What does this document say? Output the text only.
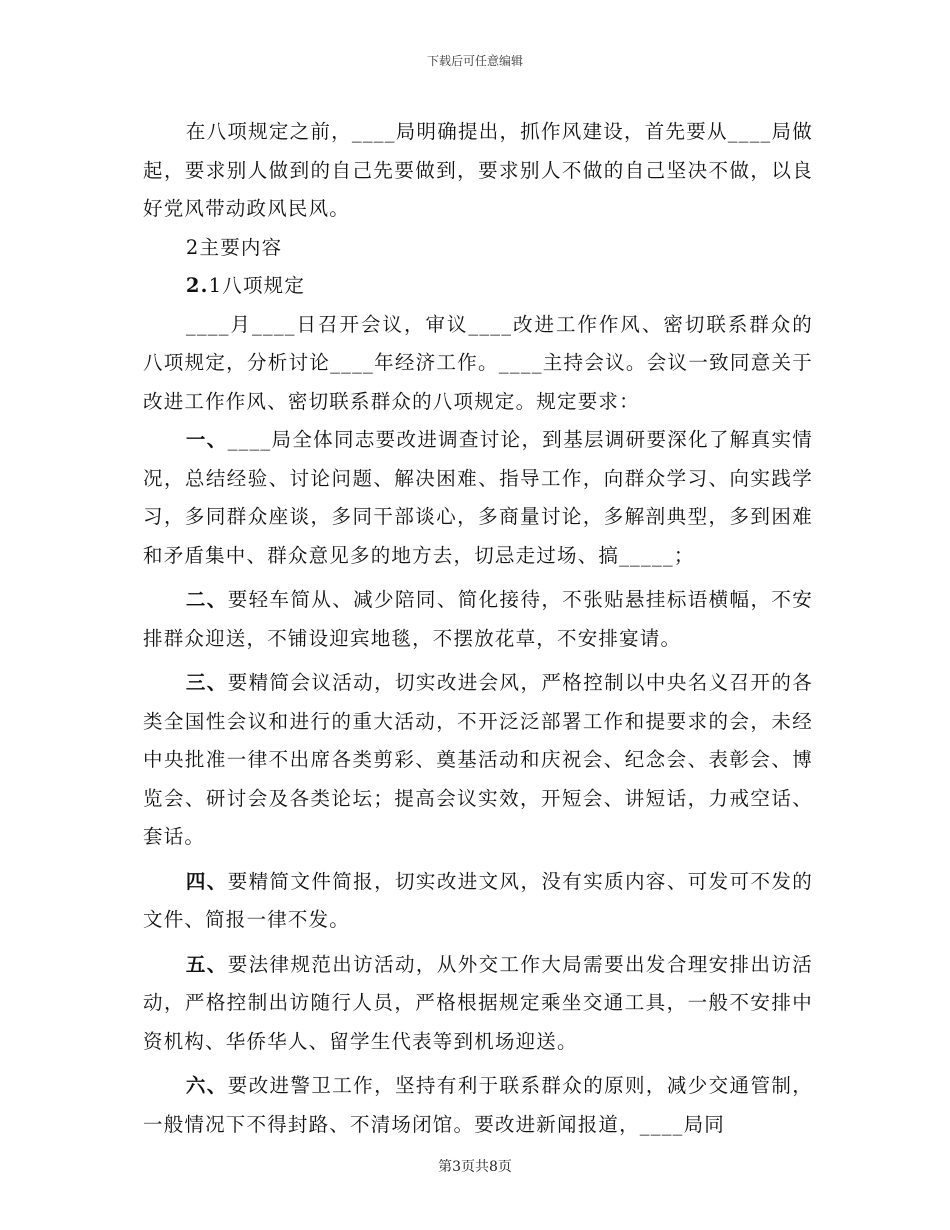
下载后可任意编辑

在八项规定之前，____局明确提出，抓作风建设，首先要从____局做起，要求别人做到的自己先要做到，要求别人不做的自己坚决不做，以良好党风带动政风民风。

2主要内容

2.1八项规定

____月____日召开会议，审议____改进工作作风、密切联系群众的八项规定，分析讨论____年经济工作。____主持会议。会议一致同意关于改进工作作风、密切联系群众的八项规定。规定要求：

一、____局全体同志要改进调查讨论，到基层调研要深化了解真实情况，总结经验、讨论问题、解决困难、指导工作，向群众学习、向实践学习，多同群众座谈，多同干部谈心，多商量讨论，多解剖典型，多到困难和矛盾集中、群众意见多的地方去，切忌走过场、搞_____；

二、要轻车简从、减少陪同、简化接待，不张贴悬挂标语横幅，不安排群众迎送，不铺设迎宾地毯，不摆放花草，不安排宴请。

三、要精简会议活动，切实改进会风，严格控制以中央名义召开的各类全国性会议和进行的重大活动，不开泛泛部署工作和提要求的会，未经中央批准一律不出席各类剪彩、奠基活动和庆祝会、纪念会、表彰会、博览会、研讨会及各类论坛；提高会议实效，开短会、讲短话，力戒空话、套话。

四、要精简文件简报，切实改进文风，没有实质内容、可发可不发的文件、简报一律不发。

五、要法律规范出访活动，从外交工作大局需要出发合理安排出访活动，严格控制出访随行人员，严格根据规定乘坐交通工具，一般不安排中资机构、华侨华人、留学生代表等到机场迎送。

六、要改进警卫工作，坚持有利于联系群众的原则，减少交通管制，一般情况下不得封路、不清场闭馆。要改进新闻报道，____局同

第3页共8页
